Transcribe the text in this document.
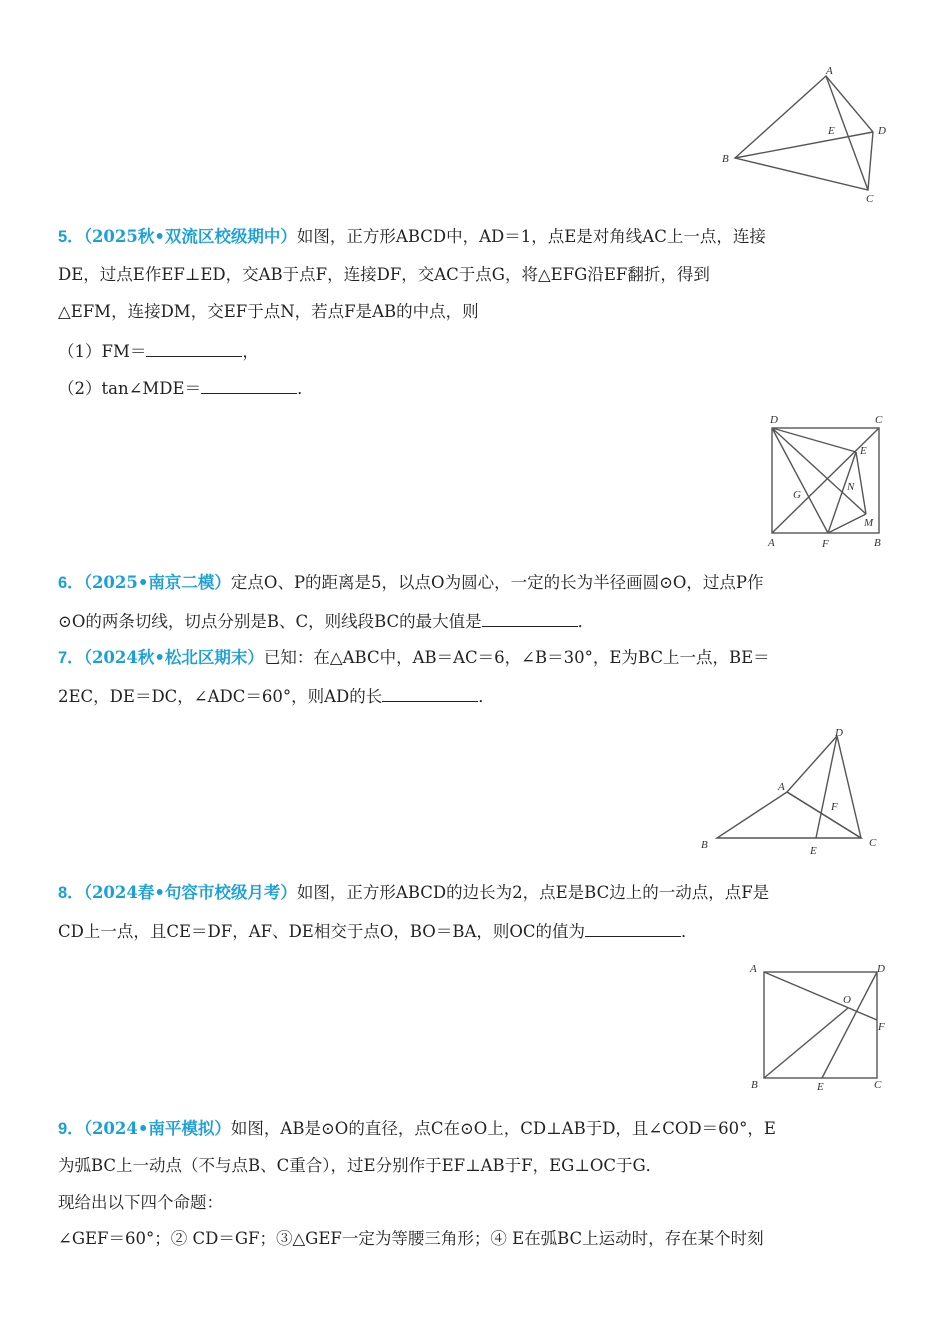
A
B
C
D
E
5．（2025秋•双流区校级期中）如图，正方形ABCD中，AD＝1，点E是对角线AC上一点，连接
DE，过点E作EF⊥ED，交AB于点F，连接DF，交AC于点G，将△EFG沿EF翻折，得到
△EFM，连接DM，交EF于点N，若点F是AB的中点，则
（1）FM＝	，
（2）tan∠MDE＝	．
D	C
E
G
N
M
A	F	B
6．（2025•南京二模）定点O、P的距离是5，以点O为圆心，一定的长为半径画圆⊙O，过点P作
⊙O的两条切线，切点分别是B、C，则线段BC的最大值是	．
7．（2024秋•松北区期末）已知：在△ABC中，AB＝AC＝6，∠B＝30°，E为BC上一点，BE＝
2EC，DE＝DC，∠ADC＝60°，则AD的长	．
D
A
F
B	E
C
8．（2024春•句容市校级月考）如图，正方形ABCD的边长为2，点E是BC边上的一动点，点F是
CD上一点，且CE＝DF，AF、DE相交于点O，BO＝BA，则OC的值为	．
A	D
O
F
B	E	C
9．（2024•南平模拟）如图，AB是⊙O的直径，点C在⊙O上，CD⊥AB于D，且∠COD＝60°，E
为弧BC上一动点（不与点B、C重合），过E分别作于EF⊥AB于F，EG⊥OC于G．
现给出以下四个命题：
∠GEF＝60°；② CD＝GF；③△GEF一定为等腰三角形；④ E在弧BC上运动时，存在某个时刻
